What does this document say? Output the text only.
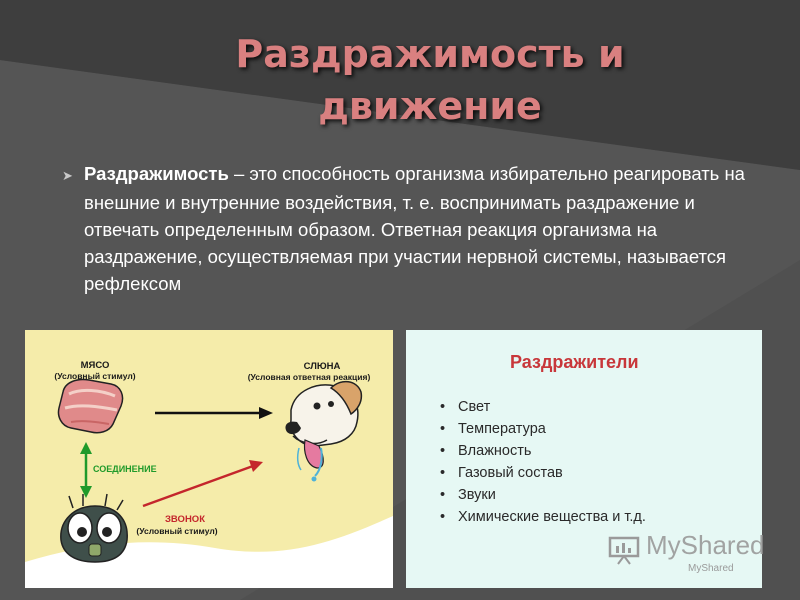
Раздражимость и
движение

➤ Раздражимость – это способность организма избирательно реагировать на внешние и внутренние воздействия, т. е. воспринимать раздражение и отвечать определенным образом. Ответная реакция организма на раздражение, осуществляемая при участии нервной системы, называется рефлексом

МЯСО
(Условный стимул)
СЛЮНА
(Условная ответная реакция)
СОЕДИНЕНИЕ
ЗВОНОК
(Условный стимул)
Раздражители
• Свет
• Температура
• Влажность
• Газовый состав
• Звуки
• Химические вещества и т.д.
MyShared
MyShared
